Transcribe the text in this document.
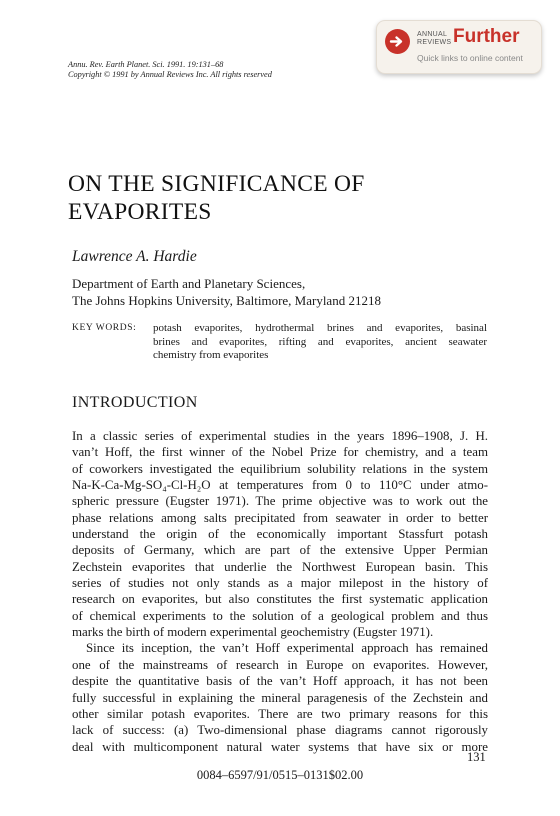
ANNUAL
REVIEWS Further
Quick links to online content
Annu. Rev. Earth Planet. Sci. 1991. 19:131–68
Copyright © 1991 by Annual Reviews Inc. All rights reserved
ON THE SIGNIFICANCE OF
EVAPORITES
Lawrence A. Hardie
Department of Earth and Planetary Sciences,
The Johns Hopkins University, Baltimore, Maryland 21218
KEY WORDS: potash evaporites, hydrothermal brines and evaporites, basinal
brines and evaporites, rifting and evaporites, ancient seawater
chemistry from evaporites
INTRODUCTION
In a classic series of experimental studies in the years 1896–1908, J. H.
van’t Hoff, the first winner of the Nobel Prize for chemistry, and a team
of coworkers investigated the equilibrium solubility relations in the system
Na-K-Ca-Mg-SO₄-Cl-H₂O at temperatures from 0 to 110°C under atmo-
spheric pressure (Eugster 1971). The prime objective was to work out the
phase relations among salts precipitated from seawater in order to better
understand the origin of the economically important Stassfurt potash
deposits of Germany, which are part of the extensive Upper Permian
Zechstein evaporites that underlie the Northwest European basin. This
series of studies not only stands as a major milepost in the history of
research on evaporites, but also constitutes the first systematic application
of chemical experiments to the solution of a geological problem and thus
marks the birth of modern experimental geochemistry (Eugster 1971).
Since its inception, the van’t Hoff experimental approach has remained
one of the mainstreams of research in Europe on evaporites. However,
despite the quantitative basis of the van’t Hoff approach, it has not been
fully successful in explaining the mineral paragenesis of the Zechstein and
other similar potash evaporites. There are two primary reasons for this
lack of success: (a) Two-dimensional phase diagrams cannot rigorously
deal with multicomponent natural water systems that have six or more
131
0084–6597/91/0515–0131$02.00
